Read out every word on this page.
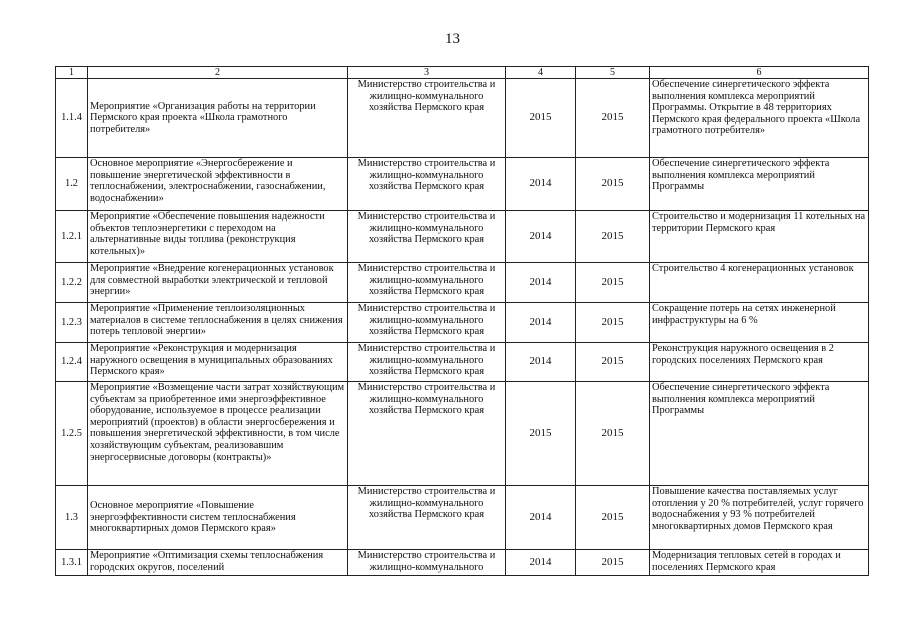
13
1	2	3	4	5	6
1.1.4	Мероприятие «Организация работы на территории Пермского края проекта «Школа грамотного потребителя»	Министерство строительства и жилищно-коммунального хозяйства Пермского края	2015	2015	Обеспечение синергетического эффекта выполнения комплекса мероприятий Программы. Открытие в 48 территориях Пермского края федерального проекта «Школа грамотного потребителя»
1.2	Основное мероприятие «Энергосбережение и повышение энергетической эффективности в теплоснабжении, электроснабжении, газоснабжении, водоснабжении»	Министерство строительства и жилищно-коммунального хозяйства Пермского края	2014	2015	Обеспечение синергетического эффекта выполнения комплекса мероприятий Программы
1.2.1	Мероприятие «Обеспечение повышения надежности объектов теплоэнергетики с переходом на альтернативные виды топлива (реконструкция котельных)»	Министерство строительства и жилищно-коммунального хозяйства Пермского края	2014	2015	Строительство и модернизация 11 котельных на территории Пермского края
1.2.2	Мероприятие «Внедрение когенерационных установок для совместной выработки электрической и тепловой энергии»	Министерство строительства и жилищно-коммунального хозяйства Пермского края	2014	2015	Строительство 4 когенерационных установок
1.2.3	Мероприятие «Применение теплоизоляционных материалов в системе теплоснабжения в целях снижения потерь тепловой энергии»	Министерство строительства и жилищно-коммунального хозяйства Пермского края	2014	2015	Сокращение потерь на сетях инженерной инфраструктуры на 6 %
1.2.4	Мероприятие «Реконструкция и модернизация наружного освещения в муниципальных образованиях Пермского края»	Министерство строительства и жилищно-коммунального хозяйства Пермского края	2014	2015	Реконструкция наружного освещения в 2 городских поселениях Пермского края
1.2.5	Мероприятие «Возмещение части затрат хозяйствующим субъектам за приобретенное ими энергоэффективное оборудование, используемое в процессе реализации мероприятий (проектов) в области энергосбережения и повышения энергетической эффективности, в том числе хозяйствующим субъектам, реализовавшим энергосервисные договоры (контракты)»	Министерство строительства и жилищно-коммунального хозяйства Пермского края	2015	2015	Обеспечение синергетического эффекта выполнения комплекса мероприятий Программы
1.3	Основное мероприятие «Повышение энергоэффективности систем теплоснабжения многоквартирных домов Пермского края»	Министерство строительства и жилищно-коммунального хозяйства Пермского края	2014	2015	Повышение качества поставляемых услуг отопления у 20 % потребителей, услуг горячего водоснабжения у 93 % потребителей многоквартирных домов Пермского края
1.3.1	Мероприятие «Оптимизация схемы теплоснабжения городских округов, поселений	Министерство строительства и жилищно-коммунального	2014	2015	Модернизация тепловых сетей в городах и поселениях Пермского края
